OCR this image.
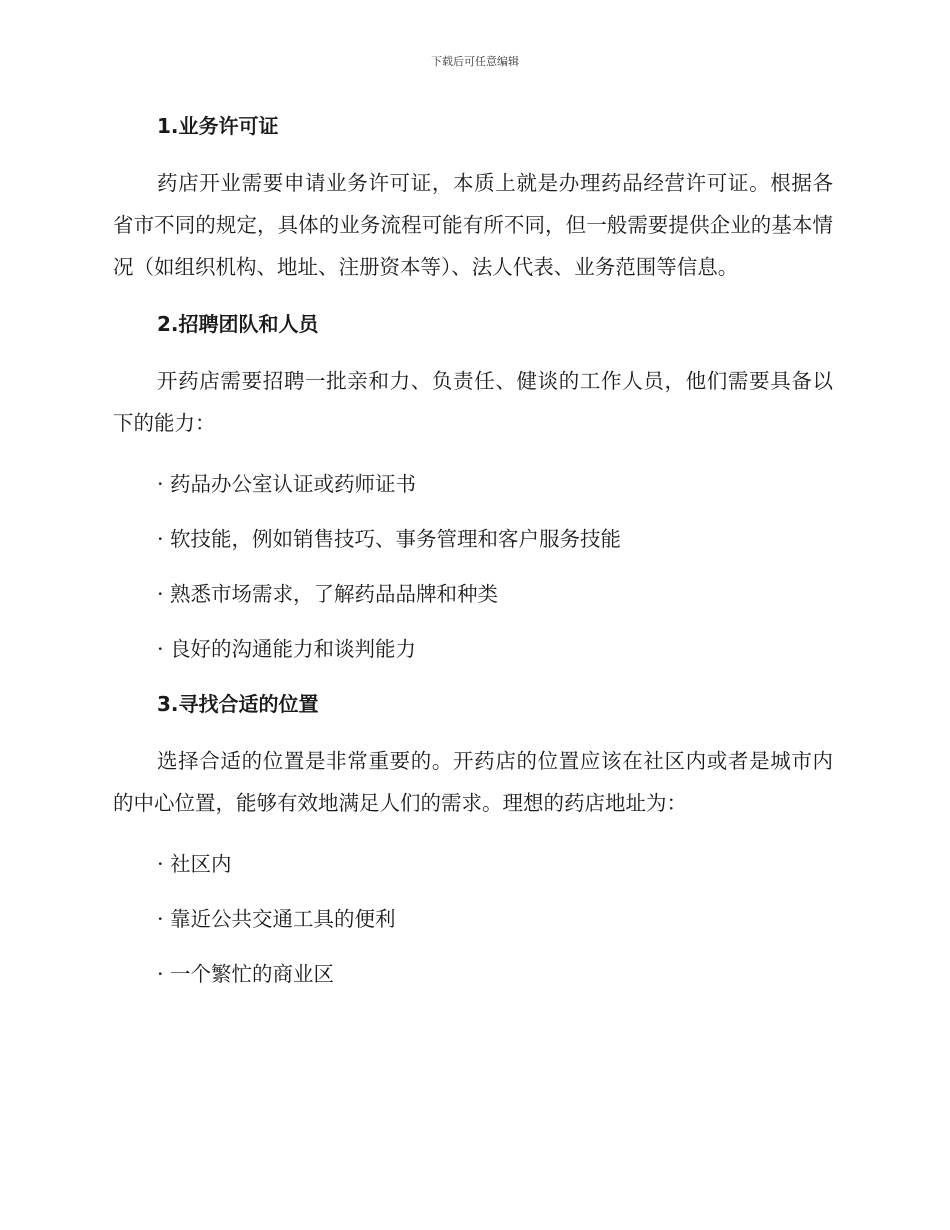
下载后可任意编辑
1.业务许可证

药店开业需要申请业务许可证，本质上就是办理药品经营许可证。根据各省市不同的规定，具体的业务流程可能有所不同，但一般需要提供企业的基本情况（如组织机构、地址、注册资本等）、法人代表、业务范围等信息。

2.招聘团队和人员

开药店需要招聘一批亲和力、负责任、健谈的工作人员，他们需要具备以下的能力：

· 药品办公室认证或药师证书
· 软技能，例如销售技巧、事务管理和客户服务技能
· 熟悉市场需求，了解药品品牌和种类
· 良好的沟通能力和谈判能力
3.寻找合适的位置

选择合适的位置是非常重要的。开药店的位置应该在社区内或者是城市内的中心位置，能够有效地满足人们的需求。理想的药店地址为：

· 社区内
· 靠近公共交通工具的便利
· 一个繁忙的商业区
